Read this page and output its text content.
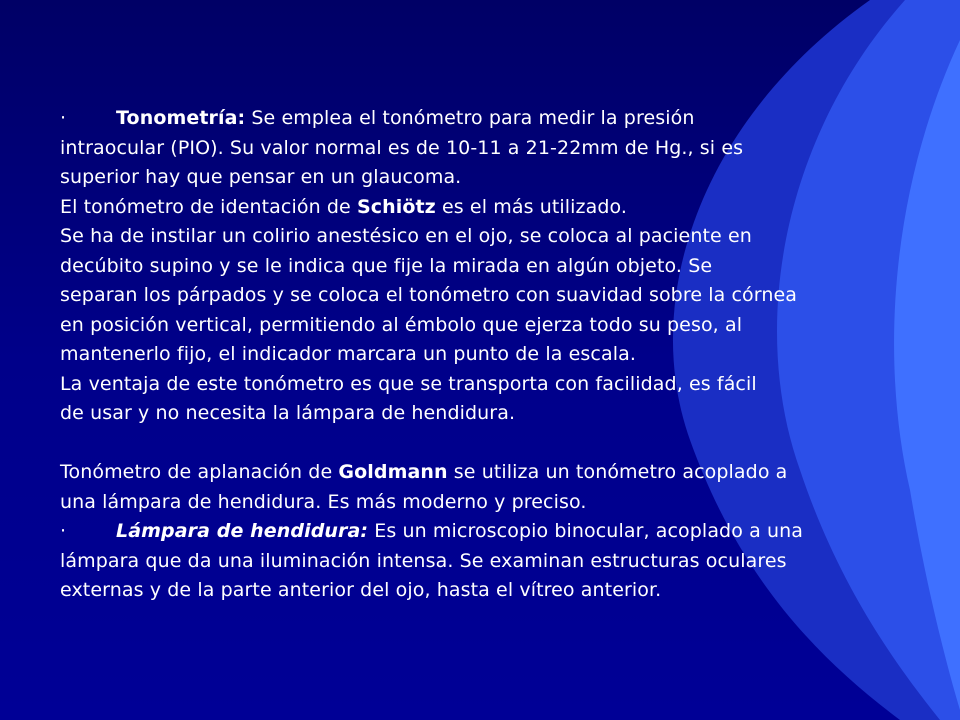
·	Tonometría: Se emplea el tonómetro para medir la presión

intraocular (PIO). Su valor normal es de 10-11 a 21-22mm de Hg., si es

superior hay que pensar en un glaucoma.

El tonómetro de identación de Schiötz es el más utilizado.

Se ha de instilar un colirio anestésico en el ojo, se coloca al paciente en

decúbito supino y se le indica que fije la mirada en algún objeto. Se

separan los párpados y se coloca el tonómetro con suavidad sobre la córnea

en posición vertical, permitiendo al émbolo que ejerza todo su peso, al

mantenerlo fijo, el indicador marcara un punto de la escala.

La ventaja de este tonómetro es que se transporta con facilidad, es fácil

de usar y no necesita la lámpara de hendidura.

Tonómetro de aplanación de Goldmann se utiliza un tonómetro acoplado a

una lámpara de hendidura. Es más moderno y preciso.

·	Lámpara de hendidura: Es un microscopio binocular, acoplado a una

lámpara que da una iluminación intensa. Se examinan estructuras oculares

externas y de la parte anterior del ojo, hasta el vítreo anterior.
